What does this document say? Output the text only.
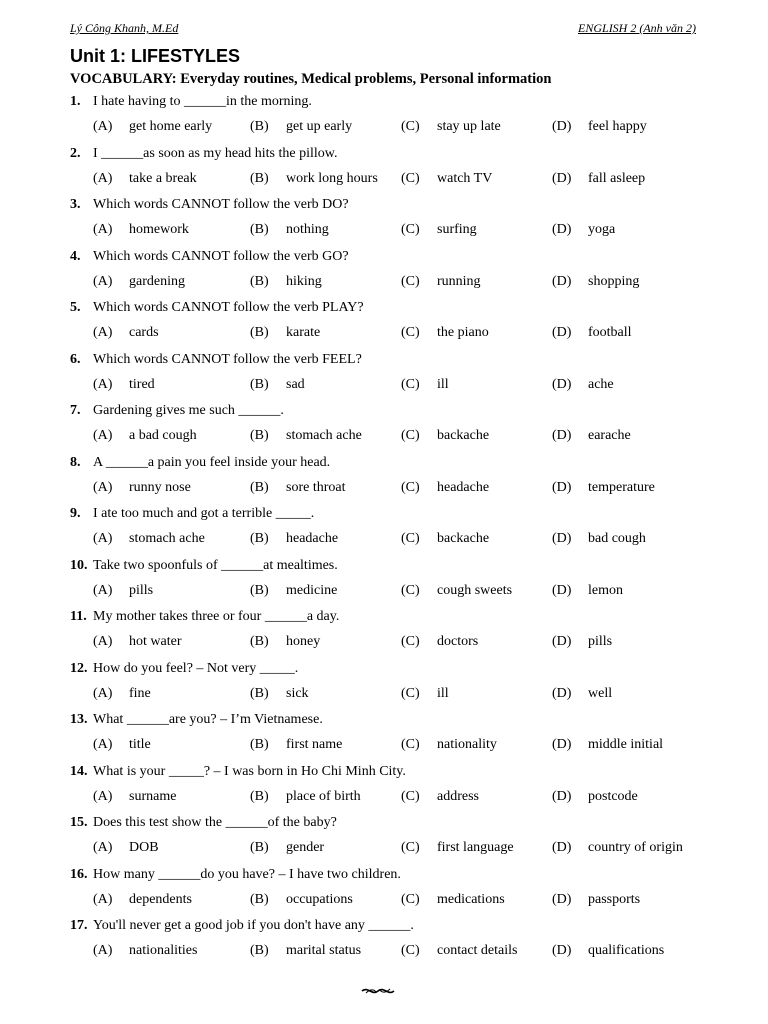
Lý Công Khanh, M.Ed	ENGLISH 2 (Anh văn 2)
Unit 1: LIFESTYLES
VOCABULARY: Everyday routines, Medical problems, Personal information
1. I hate having to ______in the morning.
(A) get home early	(B) get up early	(C) stay up late	(D) feel happy
2. I ______as soon as my head hits the pillow.
(A) take a break	(B) work long hours (C) watch TV	(D) fall asleep
3. Which words CANNOT follow the verb DO?
(A) homework	(B) nothing	(C) surfing	(D) yoga
4. Which words CANNOT follow the verb GO?
(A) gardening	(B) hiking	(C) running	(D) shopping
5. Which words CANNOT follow the verb PLAY?
(A) cards	(B) karate	(C) the piano	(D) football
6. Which words CANNOT follow the verb FEEL?
(A) tired	(B) sad	(C) ill	(D) ache
7. Gardening gives me such ______.
(A) a bad cough	(B) stomach ache	(C) backache	(D) earache
8. A ______a pain you feel inside your head.
(A) runny nose	(B) sore throat	(C) headache	(D) temperature
9. I ate too much and got a terrible _____.
(A) stomach ache	(B) headache	(C) backache	(D) bad cough
10. Take two spoonfuls of ______at mealtimes.
(A) pills	(B) medicine	(C) cough sweets	(D) lemon
11. My mother takes three or four ______a day.
(A) hot water	(B) honey	(C) doctors	(D) pills
12. How do you feel? – Not very _____.
(A) fine	(B) sick	(C) ill	(D) well
13. What ______are you? – I’m Vietnamese.
(A) title	(B) first name	(C) nationality	(D) middle initial
14. What is your _____? – I was born in Ho Chi Minh City.
(A) surname	(B) place of birth	(C) address	(D) postcode
15. Does this test show the ______of the baby?
(A) DOB	(B) gender	(C) first language	(D) country of origin
16. How many ______do you have? – I have two children.
(A) dependents	(B) occupations	(C) medications	(D) passports
17. You'll never get a good job if you don't have any ______.
(A) nationalities	(B) marital status	(C) contact details (D) qualifications
